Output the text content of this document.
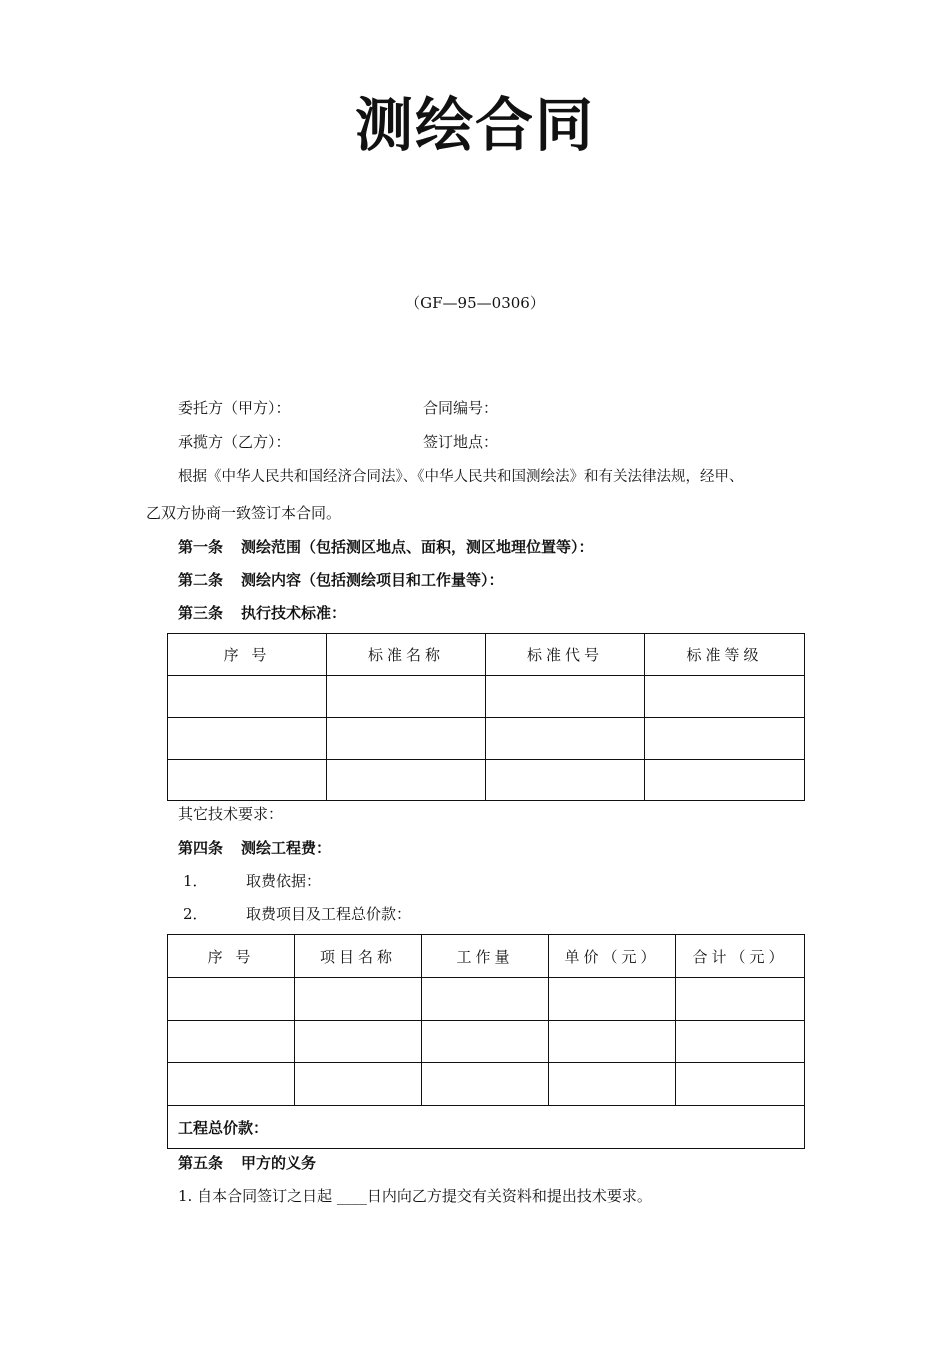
测绘合同
（GF—95—0306）
委托方（甲方）：	合同编号：
承揽方（乙方）：	签订地点：
根据《中华人民共和国经济合同法》、《中华人民共和国测绘法》和有关法律法规，经甲、
乙双方协商一致签订本合同。
第一条 测绘范围（包括测区地点、面积，测区地理位置等）：
第二条 测绘内容（包括测绘项目和工作量等）：
第三条 执行技术标准：
序 号	标准名称	标准代号	标准等级

其它技术要求：
第四条 测绘工程费：
1．	取费依据：
2．	取费项目及工程总价款：
序 号	项目名称	工作量	单价（元）	合计（元）

工程总价款：				
第五条 甲方的义务
1. 自本合同签订之日起 ____日内向乙方提交有关资料和提出技术要求。
